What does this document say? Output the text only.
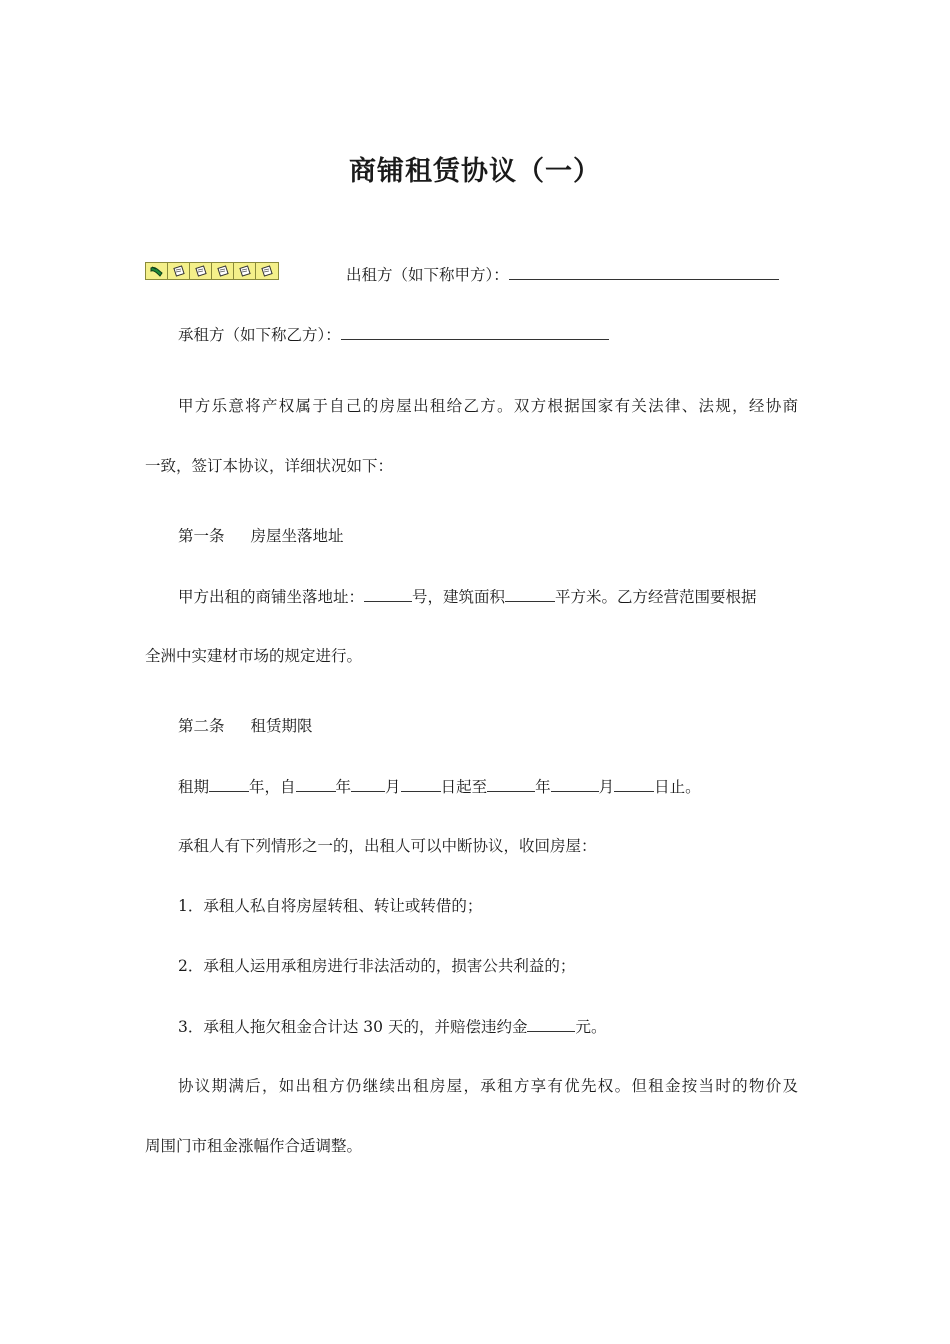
商铺租赁协议（一）
出租方（如下称甲方）：
承租方（如下称乙方）：
甲方乐意将产权属于自己的房屋出租给乙方。双方根据国家有关法律、法规，经协商
一致，签订本协议，详细状况如下：
第一条 房屋坐落地址
甲方出租的商铺坐落地址：	号，建筑面积	平方米。乙方经营范围要根据
全洲中实建材市场的规定进行。
第二条 租赁期限
租期	年，自	年 月	日起至	年	月	日止。
承租人有下列情形之一的，出租人可以中断协议，收回房屋：
1．承租人私自将房屋转租、转让或转借的；
2．承租人运用承租房进行非法活动的，损害公共利益的；
3．承租人拖欠租金合计达 30 天的，并赔偿违约金	元。
协议期满后，如出租方仍继续出租房屋，承租方享有优先权。但租金按当时的物价及
周围门市租金涨幅作合适调整。
